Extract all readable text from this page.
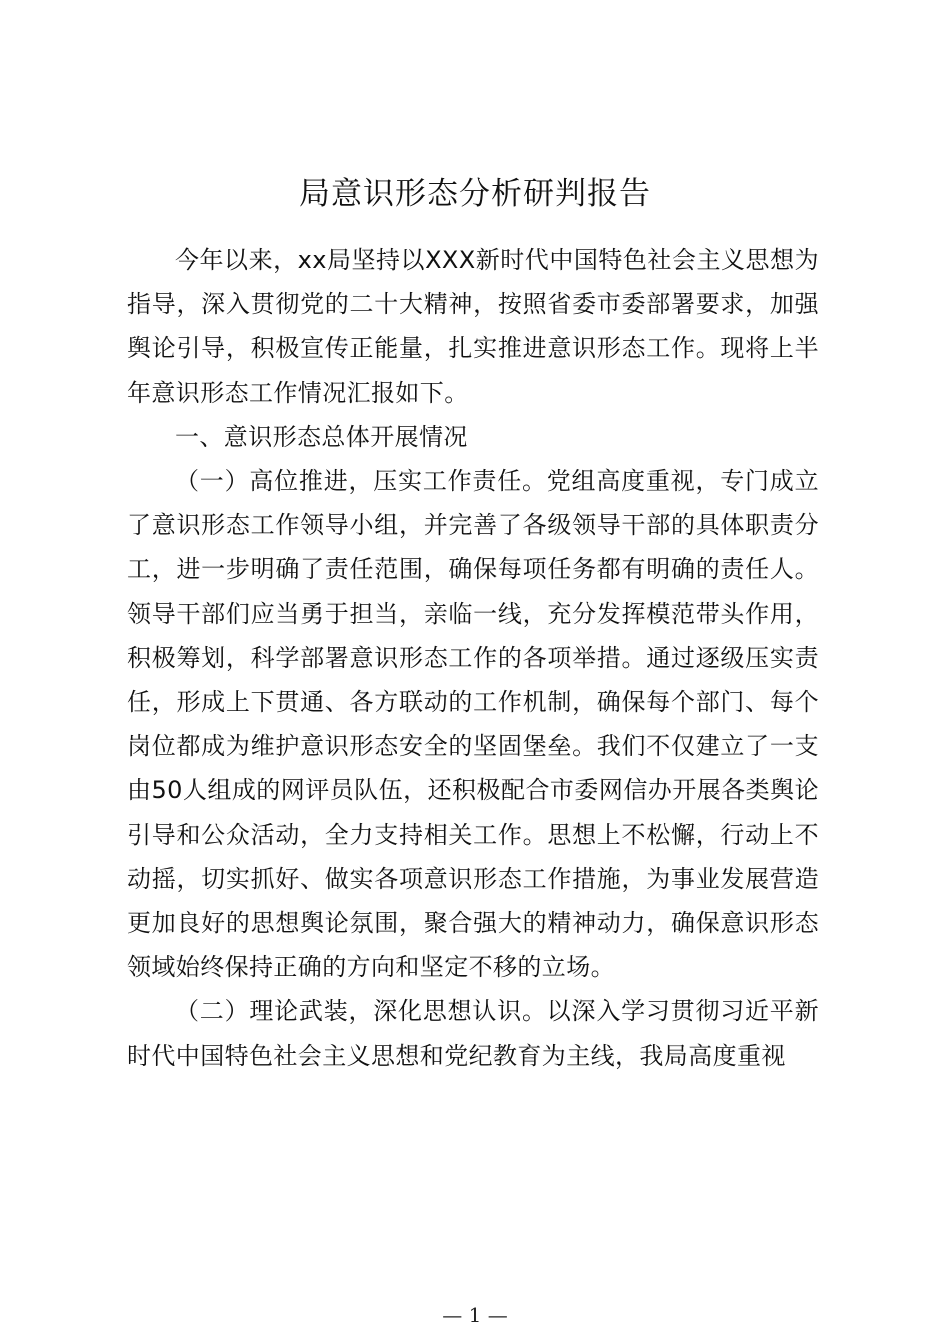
局意识形态分析研判报告

今年以来，xx局坚持以XXX新时代中国特色社会主义思想为指导，深入贯彻党的二十大精神，按照省委市委部署要求，加强舆论引导，积极宣传正能量，扎实推进意识形态工作。现将上半年意识形态工作情况汇报如下。

一、意识形态总体开展情况

（一）高位推进，压实工作责任。党组高度重视，专门成立了意识形态工作领导小组，并完善了各级领导干部的具体职责分工，进一步明确了责任范围，确保每项任务都有明确的责任人。领导干部们应当勇于担当，亲临一线，充分发挥模范带头作用，积极筹划，科学部署意识形态工作的各项举措。通过逐级压实责任，形成上下贯通、各方联动的工作机制，确保每个部门、每个岗位都成为维护意识形态安全的坚固堡垒。我们不仅建立了一支由50人组成的网评员队伍，还积极配合市委网信办开展各类舆论引导和公众活动，全力支持相关工作。思想上不松懈，行动上不动摇，切实抓好、做实各项意识形态工作措施，为事业发展营造更加良好的思想舆论氛围，聚合强大的精神动力，确保意识形态领域始终保持正确的方向和坚定不移的立场。

（二）理论武装，深化思想认识。以深入学习贯彻习近平新时代中国特色社会主义思想和党纪教育为主线，我局高度重视

— 1 —
